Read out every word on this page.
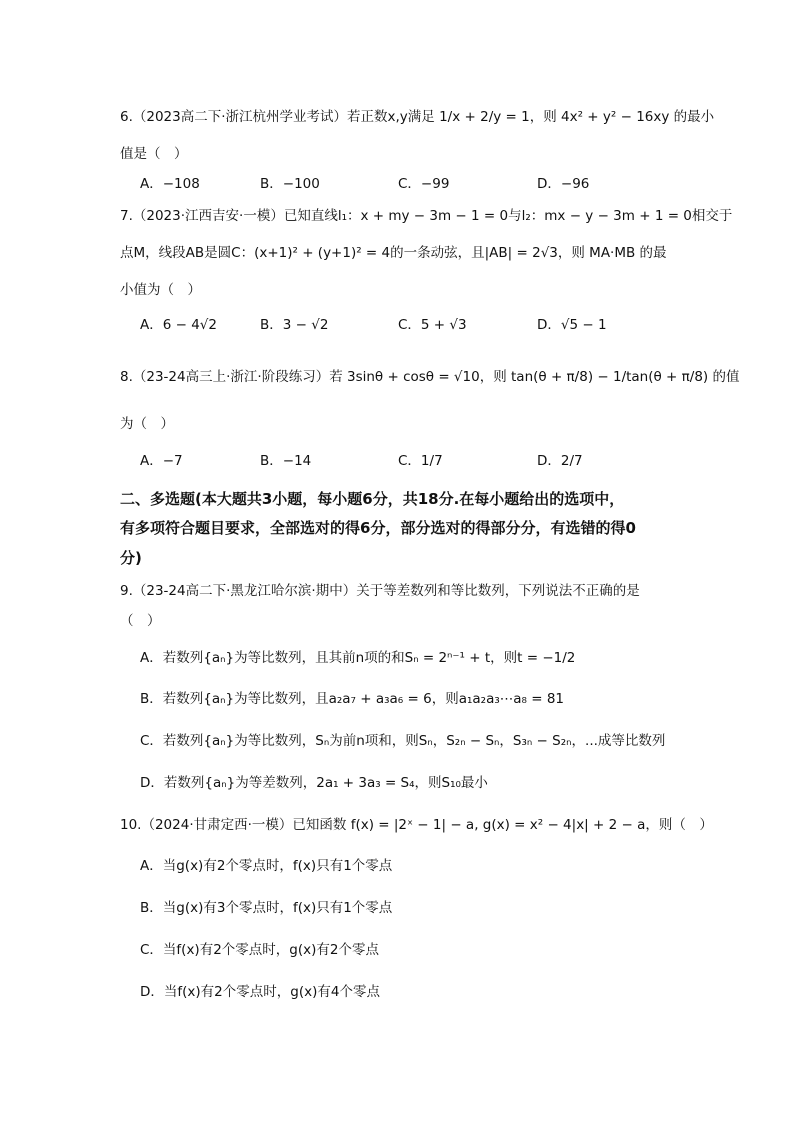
6.（2023高二下·浙江杭州学业考试）若正数x,y满足 1/x + 2/y = 1，则 4x² + y² − 16xy 的最小
值是（　）
A．−108	B．−100	C．−99	D．−96
7.（2023·江西吉安·一模）已知直线l₁：x + my − 3m − 1 = 0与l₂：mx − y − 3m + 1 = 0相交于
点M，线段AB是圆C：(x+1)² + (y+1)² = 4的一条动弦，且|AB| = 2√3，则 MA·MB 的最
小值为（　）
A．6 − 4√2	B．3 − √2	C．5 + √3	D．√5 − 1
8.（23-24高三上·浙江·阶段练习）若 3sinθ + cosθ = √10，则 tan(θ + π/8) − 1/tan(θ + π/8) 的值
为（　）
A．−7	B．−14	C．1/7	D．2/7
二、多选题(本大题共3小题，每小题6分，共18分.在每小题给出的选项中，
有多项符合题目要求，全部选对的得6分，部分选对的得部分分，有选错的得0
分)
9.（23-24高二下·黑龙江哈尔滨·期中）关于等差数列和等比数列，下列说法不正确的是
（　）
A．若数列{aₙ}为等比数列，且其前n项的和Sₙ = 2ⁿ⁻¹ + t，则t = −1/2
B．若数列{aₙ}为等比数列，且a₂a₇ + a₃a₆ = 6，则a₁a₂a₃⋯a₈ = 81
C．若数列{aₙ}为等比数列，Sₙ为前n项和，则Sₙ，S₂ₙ − Sₙ，S₃ₙ − S₂ₙ，...成等比数列
D．若数列{aₙ}为等差数列，2a₁ + 3a₃ = S₄，则S₁₀最小
10.（2024·甘肃定西·一模）已知函数 f(x) = |2ˣ − 1| − a, g(x) = x² − 4|x| + 2 − a，则（　）
A．当g(x)有2个零点时，f(x)只有1个零点
B．当g(x)有3个零点时，f(x)只有1个零点
C．当f(x)有2个零点时，g(x)有2个零点
D．当f(x)有2个零点时，g(x)有4个零点
